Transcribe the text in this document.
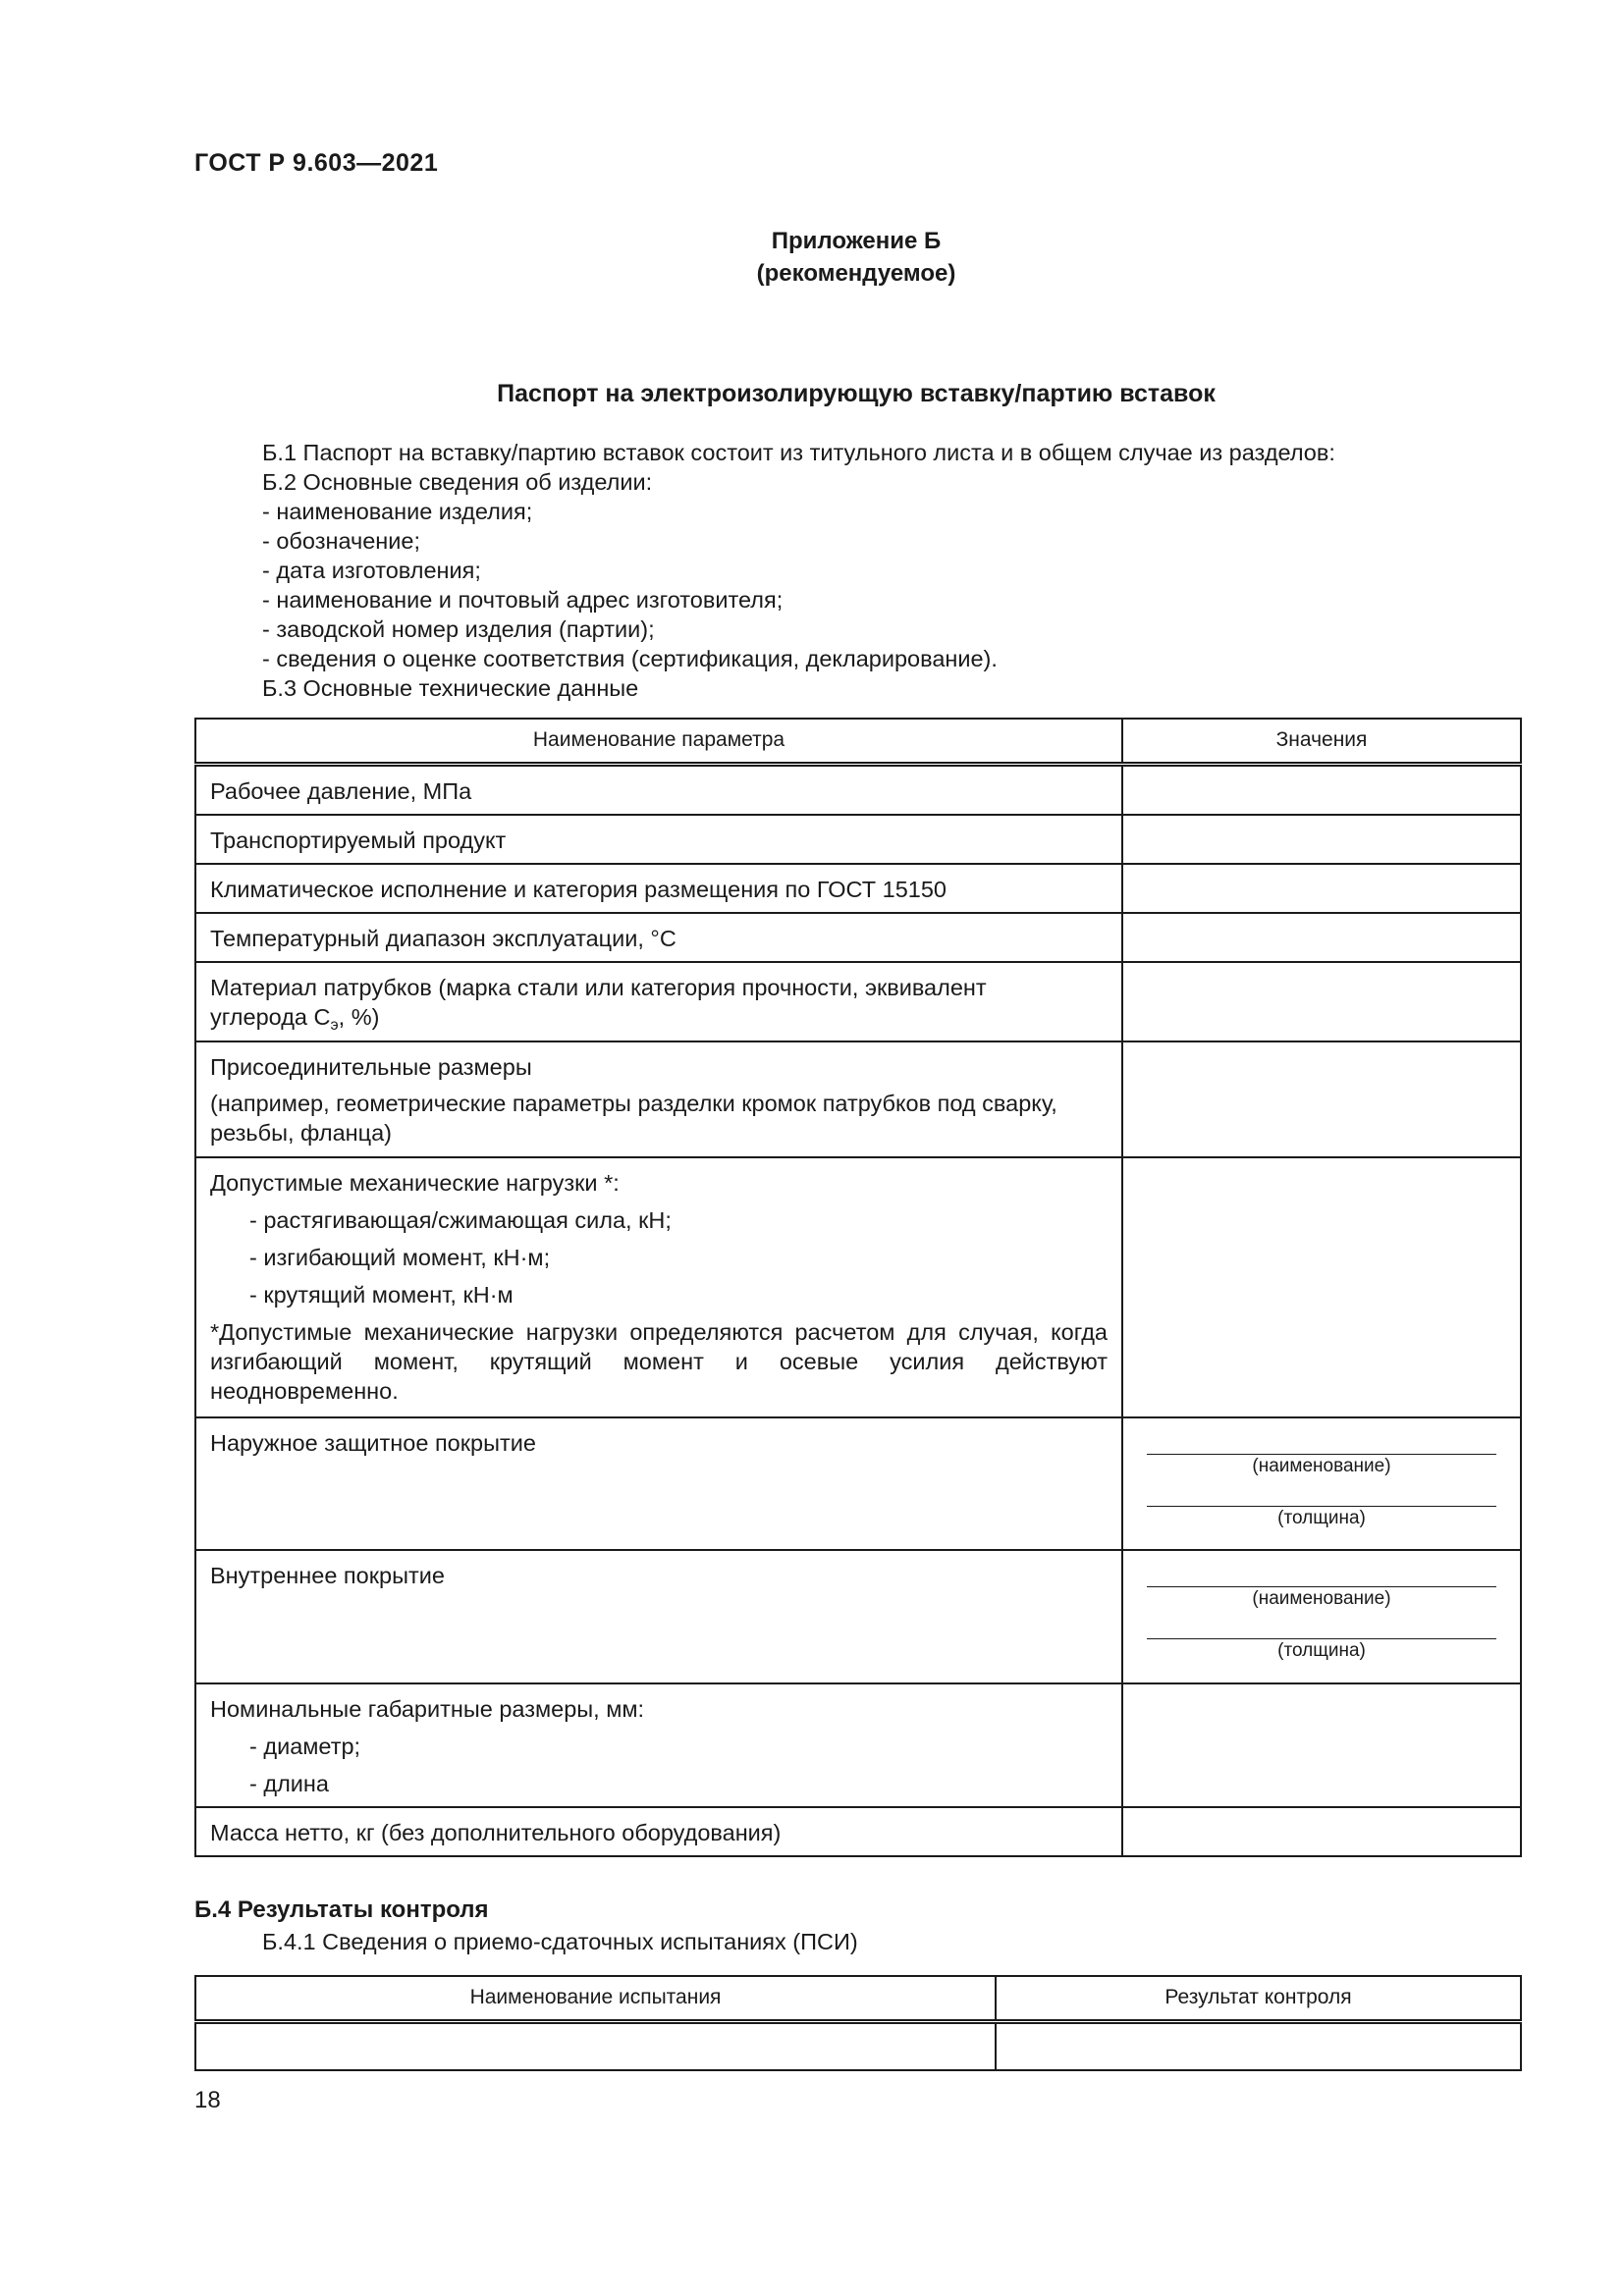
ГОСТ Р 9.603—2021
Приложение Б
(рекомендуемое)
Паспорт на электроизолирующую вставку/партию вставок
Б.1 Паспорт на вставку/партию вставок состоит из титульного листа и в общем случае из разделов:
Б.2 Основные сведения об изделии:
- наименование изделия;
- обозначение;
- дата изготовления;
- наименование и почтовый адрес изготовителя;
- заводской номер изделия (партии);
- сведения о оценке соответствия (сертификация, декларирование).
Б.3 Основные технические данные
Наименование параметра	Значения
Рабочее давление, МПа	
Транспортируемый продукт	
Климатическое исполнение и категория размещения по ГОСТ 15150	
Температурный диапазон эксплуатации, °С	

Материал патрубков (марка стали или категория прочности, эквивалент
углерода $С_э$, %)	

Присоединительные размеры
(например, геометрические параметры разделки кромок патрубков под сварку, резьбы, фланца)	

Допустимые механические нагрузки *:
- растягивающая/сжимающая сила, кН;
- изгибающий момент, кН·м;
- крутящий момент, кН·м
*Допустимые механические нагрузки определяются расчетом для случая, когда изгибающий момент, крутящий момент и осевые усилия действуют неодновременно.	

Наружное защитное покрытие	(наименование)
(толщина)

Внутреннее покрытие	(наименование)
(толщина)

Номинальные габаритные размеры, мм:
- диаметр;
- длина	

Масса нетто, кг (без дополнительного оборудования)	
Б.4 Результаты контроля
Б.4.1 Сведения о приемо-сдаточных испытаниях (ПСИ)
Наименование испытания	Результат контроля

18
